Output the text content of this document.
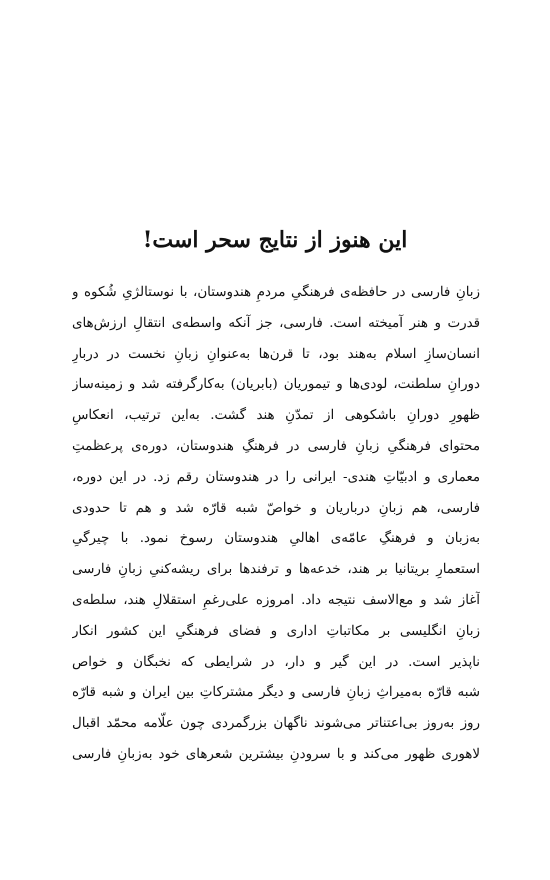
این هنوز از نتایج سحر است!
زبانِ فارسی در حافظه‌ی فرهنگیِ مردمِ هندوستان، با نوستالژیِ شُکوه و
قدرت و هنر آمیخته است. فارسی، جز آنکه واسطه‌ی انتقالِ ارزش‌های
انسان‌سازِ اسلام به‌هند بود، تا قرن‌ها به‌عنوانِ زبانِ نخست در دربارِ
دورانِ سلطنت، لودی‌ها و تیموریان (بابریان) به‌کارگرفته شد و زمینه‌ساز
ظهورِ دورانِ باشکوهی از تمدّنِ هند گشت. به‌این ترتیب، انعکاسِ
محتوای فرهنگیِ زبانِ فارسی در فرهنگِ هندوستان، دوره‌ی پرعظمتِ
معماری و ادبیّاتِ هندی- ایرانی را در هندوستان رقم زد. در این دوره،
فارسی، هم زبانِ درباریان و خواصّ شبه قارّه شد و هم تا حدودی
به‌زبان و فرهنگِ عامّه‌ی اهالیِ هندوستان رسوخ نمود. با چیرگیِ
استعمارِ بریتانیا بر هند، خدعه‌ها و ترفندها برای ریشه‌کنیِ زبانِ فارسی
آغاز شد و مع‌الاسف نتیجه داد. امروزه علی‌رغمِ استقلالِ هند، سلطه‌ی
زبانِ انگلیسی بر مکاتباتِ اداری و فضای فرهنگیِ این کشور انکار
ناپذیر است. در این گیر و دار، در شرایطی که نخبگان و خواص
شبه قارّه به‌میراثِ زبانِ فارسی و دیگر مشترکاتِ بین ایران و شبه قارّه
روز به‌روز بی‌اعتناتر می‌شوند ناگهان بزرگمردی چون علّامه محمّد اقبال
لاهوری ظهور می‌کند و با سرودنِ بیشترین شعرهای خود به‌زبانِ فارسی
